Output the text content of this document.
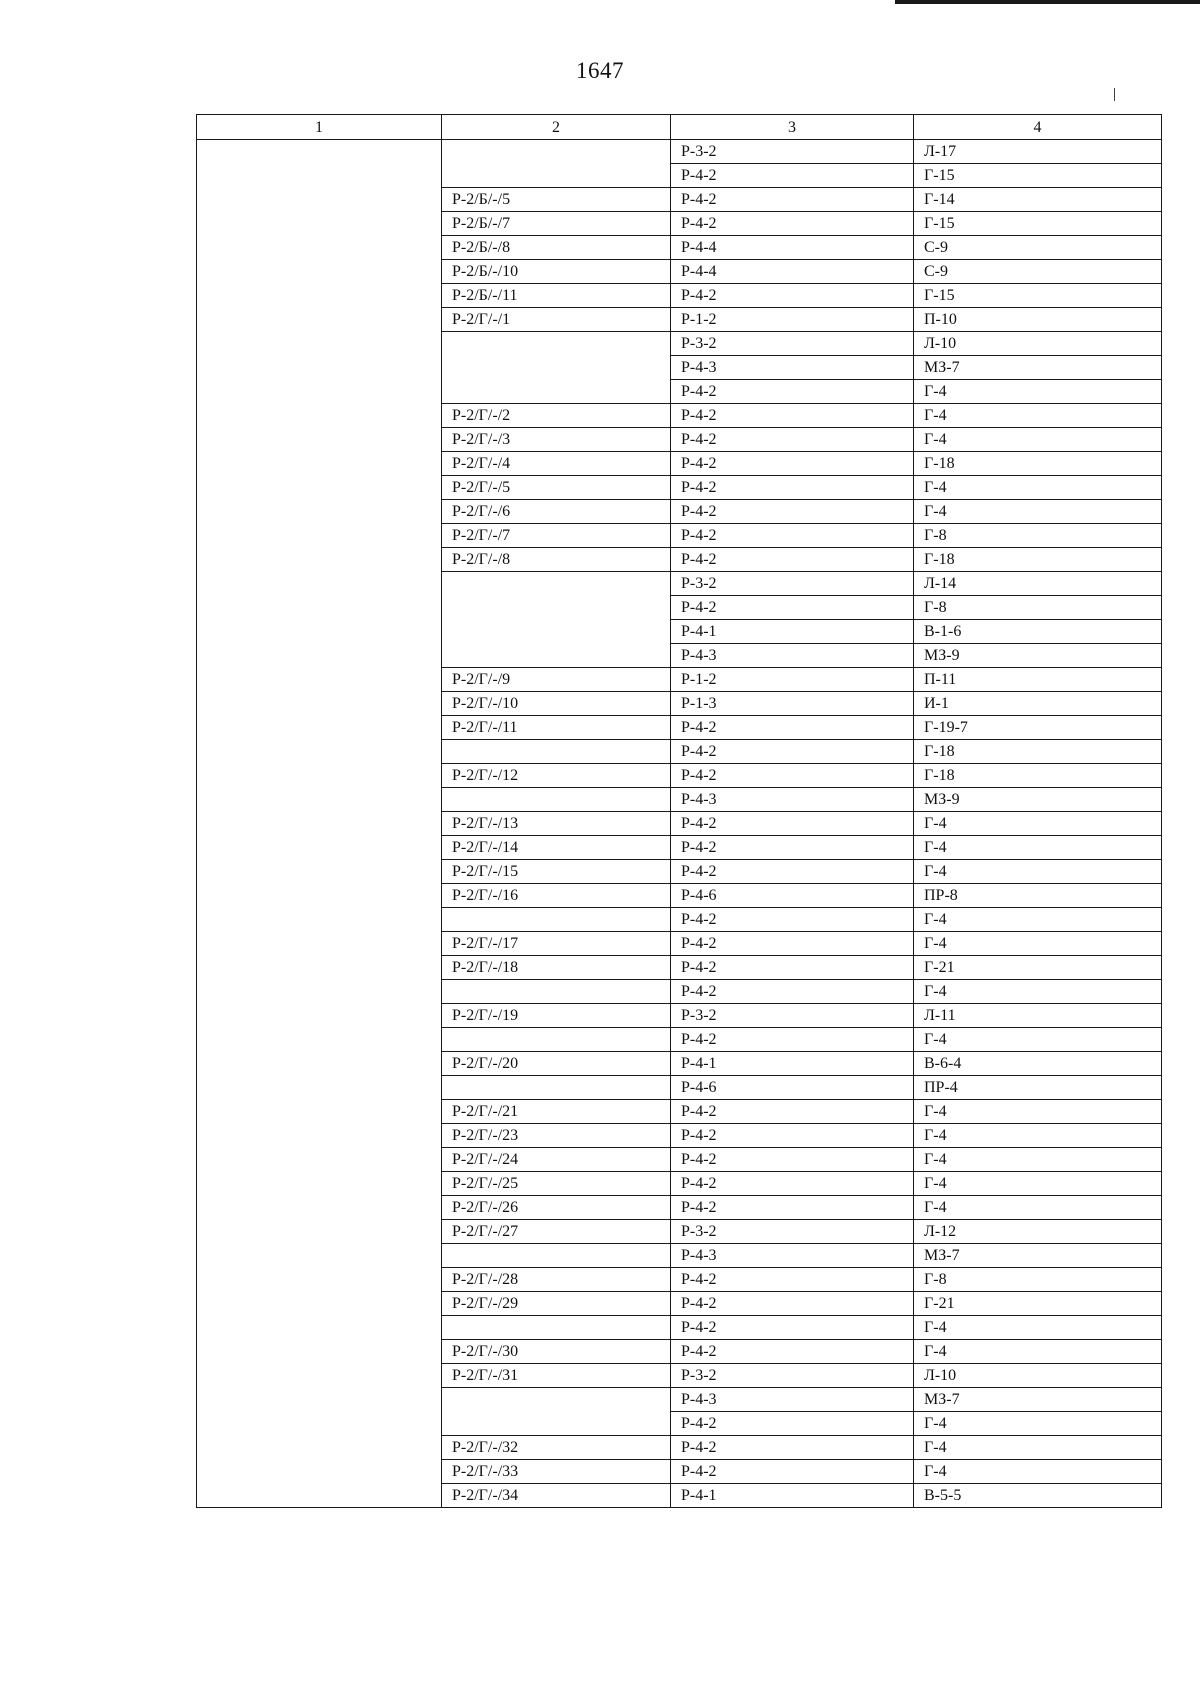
1647
1	2	3	4
		Р-3-2	Л-17
		Р-4-2	Г-15
	Р-2/Б/-/5	Р-4-2	Г-14
	Р-2/Б/-/7	Р-4-2	Г-15
	Р-2/Б/-/8	Р-4-4	С-9
	Р-2/Б/-/10	Р-4-4	С-9
	Р-2/Б/-/11	Р-4-2	Г-15
	Р-2/Г/-/1	Р-1-2	П-10
		Р-3-2	Л-10
		Р-4-3	МЗ-7
		Р-4-2	Г-4
	Р-2/Г/-/2	Р-4-2	Г-4
	Р-2/Г/-/3	Р-4-2	Г-4
	Р-2/Г/-/4	Р-4-2	Г-18
	Р-2/Г/-/5	Р-4-2	Г-4
	Р-2/Г/-/6	Р-4-2	Г-4
	Р-2/Г/-/7	Р-4-2	Г-8
	Р-2/Г/-/8	Р-4-2	Г-18
		Р-3-2	Л-14
		Р-4-2	Г-8
		Р-4-1	В-1-6
		Р-4-3	МЗ-9
	Р-2/Г/-/9	Р-1-2	П-11
	Р-2/Г/-/10	Р-1-3	И-1
	Р-2/Г/-/11	Р-4-2	Г-19-7
		Р-4-2	Г-18
	Р-2/Г/-/12	Р-4-2	Г-18
		Р-4-3	МЗ-9
	Р-2/Г/-/13	Р-4-2	Г-4
	Р-2/Г/-/14	Р-4-2	Г-4
	Р-2/Г/-/15	Р-4-2	Г-4
	Р-2/Г/-/16	Р-4-6	ПР-8
		Р-4-2	Г-4
	Р-2/Г/-/17	Р-4-2	Г-4
	Р-2/Г/-/18	Р-4-2	Г-21
		Р-4-2	Г-4
	Р-2/Г/-/19	Р-3-2	Л-11
		Р-4-2	Г-4
	Р-2/Г/-/20	Р-4-1	В-6-4
		Р-4-6	ПР-4
	Р-2/Г/-/21	Р-4-2	Г-4
	Р-2/Г/-/23	Р-4-2	Г-4
	Р-2/Г/-/24	Р-4-2	Г-4
	Р-2/Г/-/25	Р-4-2	Г-4
	Р-2/Г/-/26	Р-4-2	Г-4
	Р-2/Г/-/27	Р-3-2	Л-12
		Р-4-3	МЗ-7
	Р-2/Г/-/28	Р-4-2	Г-8
	Р-2/Г/-/29	Р-4-2	Г-21
		Р-4-2	Г-4
	Р-2/Г/-/30	Р-4-2	Г-4
	Р-2/Г/-/31	Р-3-2	Л-10
		Р-4-3	МЗ-7
		Р-4-2	Г-4
	Р-2/Г/-/32	Р-4-2	Г-4
	Р-2/Г/-/33	Р-4-2	Г-4
	Р-2/Г/-/34	Р-4-1	В-5-5
